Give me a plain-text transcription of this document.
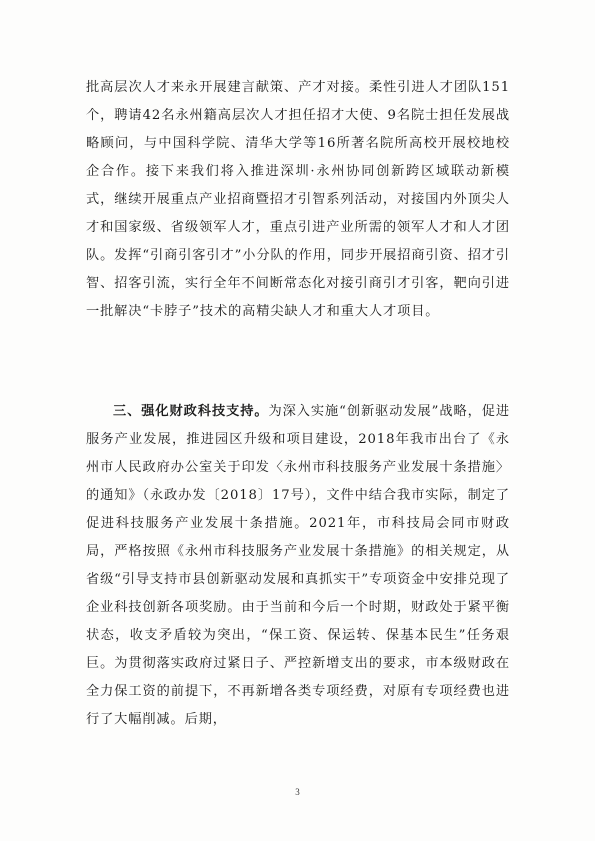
批高层次人才来永开展建言献策、产才对接。柔性引进人才团队151个，聘请42名永州籍高层次人才担任招才大使、9名院士担任发展战略顾问，与中国科学院、清华大学等16所著名院所高校开展校地校企合作。接下来我们将入推进深圳·永州协同创新跨区域联动新模式，继续开展重点产业招商暨招才引智系列活动，对接国内外顶尖人才和国家级、省级领军人才，重点引进产业所需的领军人才和人才团队。发挥“引商引客引才”小分队的作用，同步开展招商引资、招才引智、招客引流，实行全年不间断常态化对接引商引才引客，靶向引进一批解决“卡脖子”技术的高精尖缺人才和重大人才项目。
三、强化财政科技支持。为深入实施“创新驱动发展”战略，促进服务产业发展，推进园区升级和项目建设，2018年我市出台了《永州市人民政府办公室关于印发〈永州市科技服务产业发展十条措施〉的通知》（永政办发〔2018〕17号），文件中结合我市实际，制定了促进科技服务产业发展十条措施。2021年，市科技局会同市财政局，严格按照《永州市科技服务产业发展十条措施》的相关规定，从省级“引导支持市县创新驱动发展和真抓实干”专项资金中安排兑现了企业科技创新各项奖励。由于当前和今后一个时期，财政处于紧平衡状态，收支矛盾较为突出，“保工资、保运转、保基本民生”任务艰巨。为贯彻落实政府过紧日子、严控新增支出的要求，市本级财政在全力保工资的前提下，不再新增各类专项经费，对原有专项经费也进行了大幅削减。后期，
3
